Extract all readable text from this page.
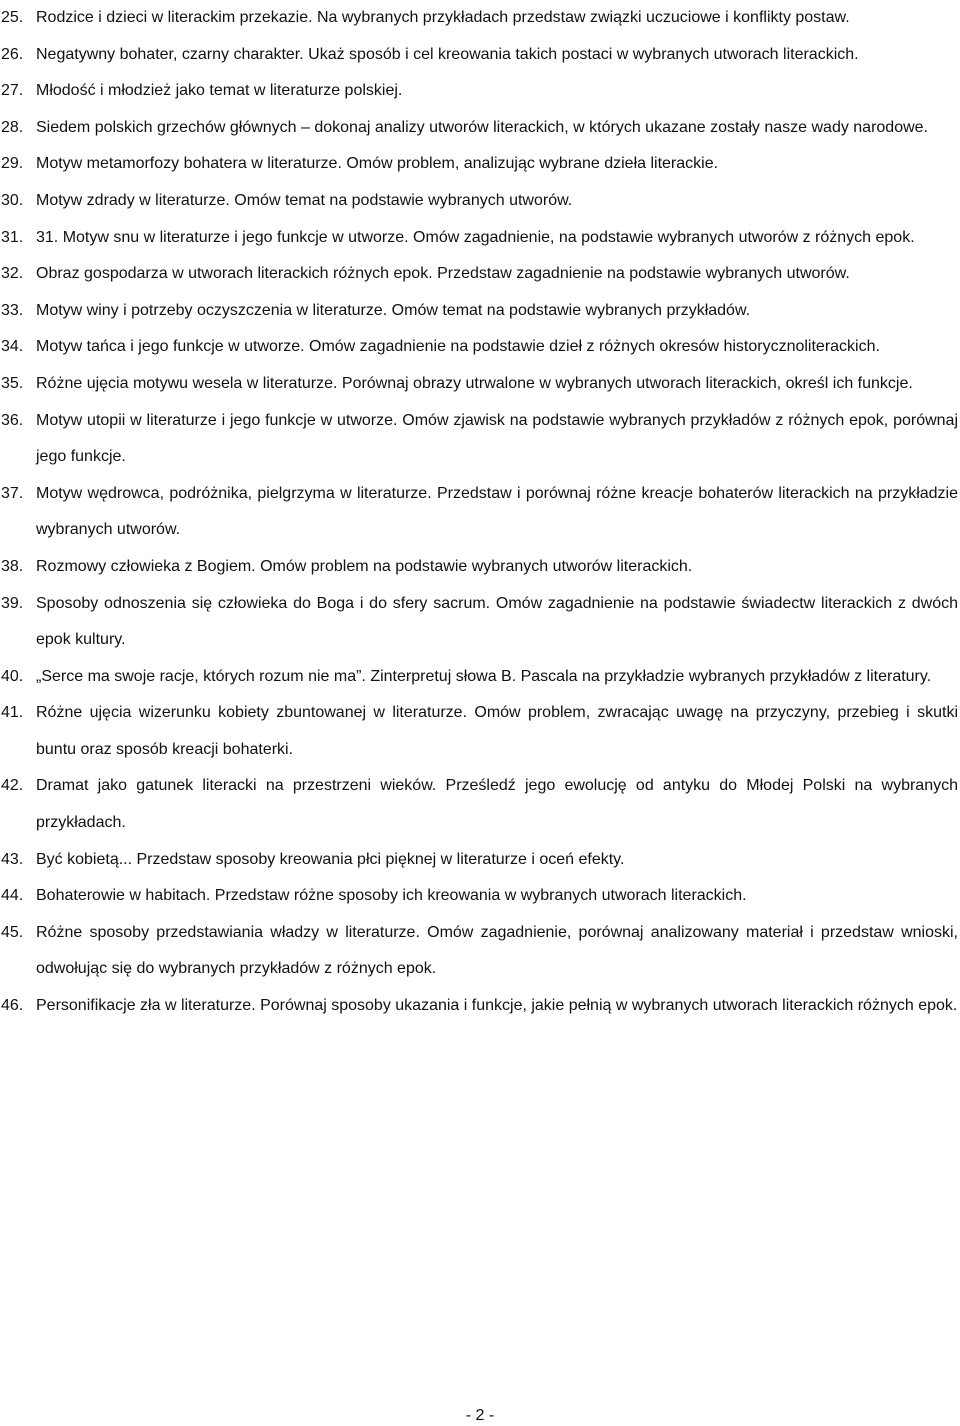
25. Rodzice i dzieci w literackim przekazie. Na wybranych przykładach przedstaw związki uczuciowe i konflikty postaw.
26. Negatywny bohater, czarny charakter. Ukaż sposób i cel kreowania takich postaci w wybranych utworach literackich.
27. Młodość i młodzież jako temat w literaturze polskiej.
28. Siedem polskich grzechów głównych – dokonaj analizy utworów literackich, w których ukazane zostały nasze wady narodowe.
29. Motyw metamorfozy bohatera w literaturze. Omów problem, analizując wybrane dzieła literackie.
30. Motyw zdrady w literaturze. Omów temat na podstawie wybranych utworów.
31. 31. Motyw snu w literaturze i jego funkcje w utworze. Omów zagadnienie, na podstawie wybranych utworów z różnych epok.
32. Obraz gospodarza w utworach literackich różnych epok. Przedstaw zagadnienie na podstawie wybranych utworów.
33. Motyw winy i potrzeby oczyszczenia w literaturze. Omów temat na podstawie wybranych przykładów.
34. Motyw tańca i jego funkcje w utworze. Omów zagadnienie na podstawie dzieł z różnych okresów historycznoliterackich.
35. Różne ujęcia motywu wesela w literaturze. Porównaj obrazy utrwalone w wybranych utworach literackich, określ ich funkcje.
36. Motyw utopii w literaturze i jego funkcje w utworze. Omów zjawisk na podstawie wybranych przykładów z różnych epok, porównaj jego funkcje.
37. Motyw wędrowca, podróżnika, pielgrzyma w literaturze. Przedstaw i porównaj różne kreacje bohaterów literackich na przykładzie wybranych utworów.
38. Rozmowy człowieka z Bogiem. Omów problem na podstawie wybranych utworów literackich.
39. Sposoby odnoszenia się człowieka do Boga i do sfery sacrum. Omów zagadnienie na podstawie świadectw literackich z dwóch epok kultury.
40. „Serce ma swoje racje, których rozum nie ma”. Zinterpretuj słowa B. Pascala na przykładzie wybranych przykładów z literatury.
41. Różne ujęcia wizerunku kobiety zbuntowanej w literaturze. Omów problem, zwracając uwagę na przyczyny, przebieg i skutki buntu oraz sposób kreacji bohaterki.
42. Dramat jako gatunek literacki na przestrzeni wieków. Prześledź jego ewolucję od antyku do Młodej Polski na wybranych przykładach.
43. Być kobietą... Przedstaw sposoby kreowania płci pięknej w literaturze i oceń efekty.
44. Bohaterowie w habitach. Przedstaw różne sposoby ich kreowania w wybranych utworach literackich.
45. Różne sposoby przedstawiania władzy w literaturze. Omów zagadnienie, porównaj analizowany materiał i przedstaw wnioski, odwołując się do wybranych przykładów z różnych epok.
46. Personifikacje zła w literaturze. Porównaj sposoby ukazania i funkcje, jakie pełnią w wybranych utworach literackich różnych epok.
- 2 -
